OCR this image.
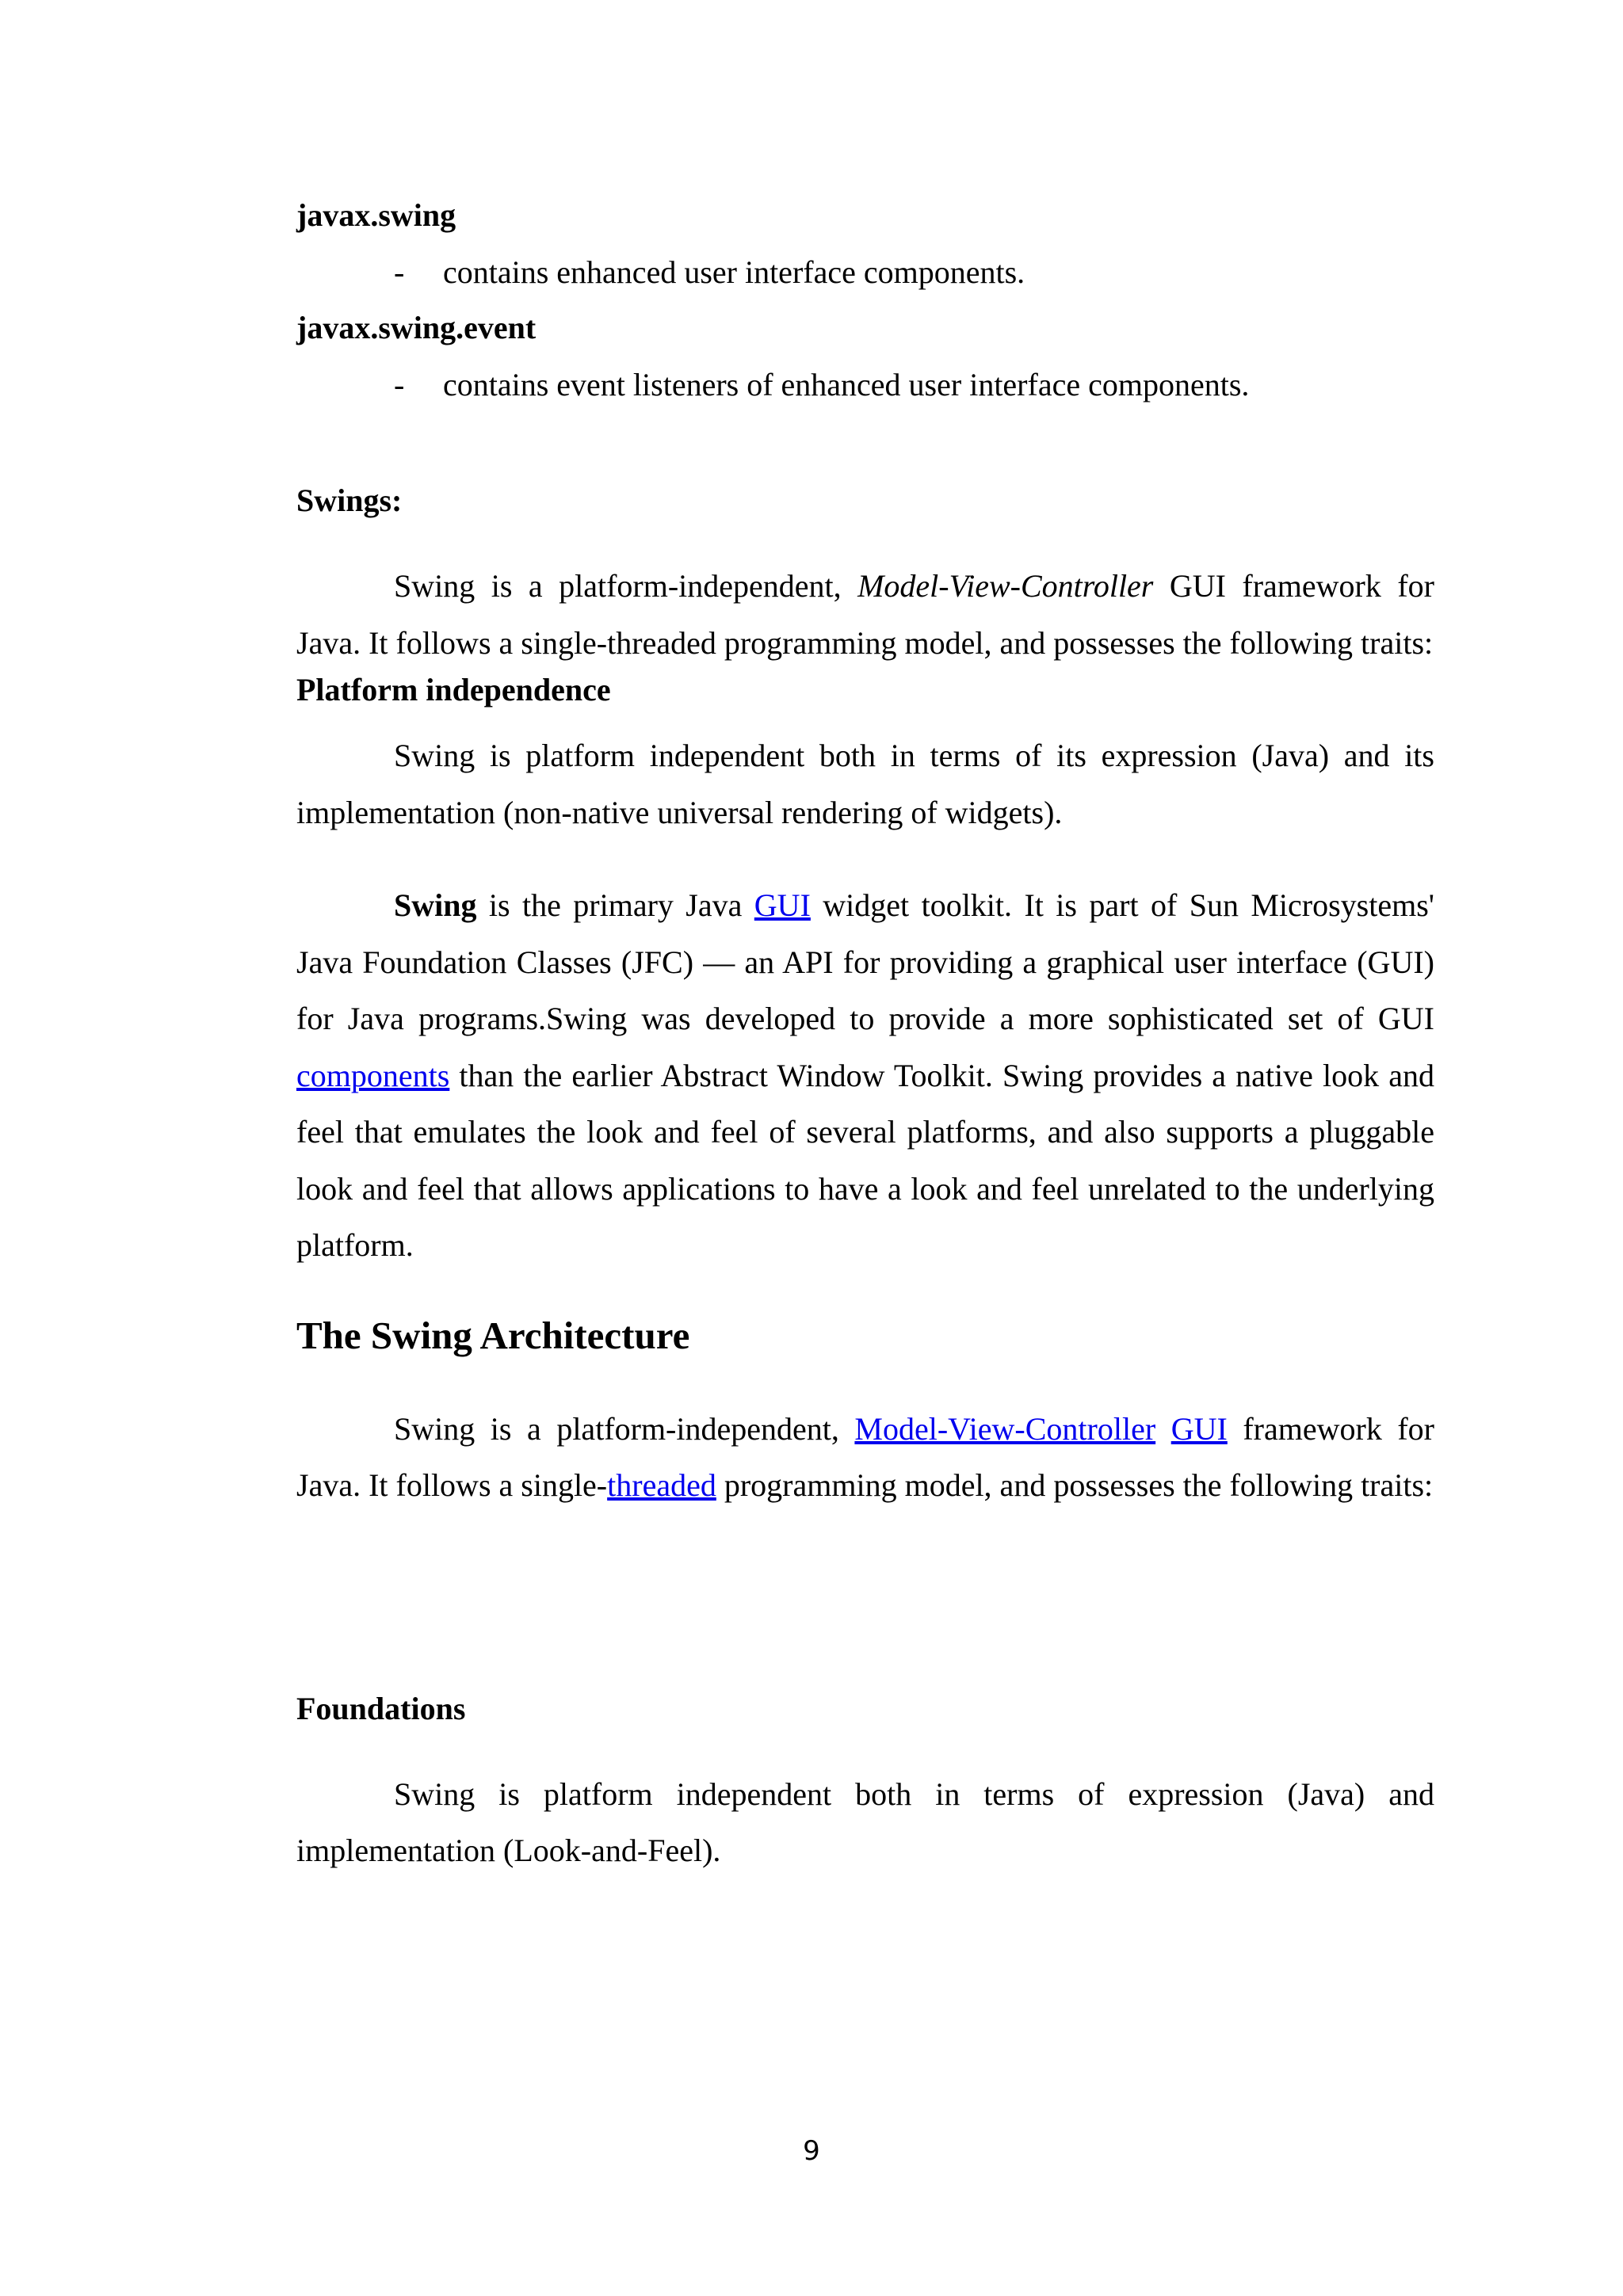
javax.swing

- contains enhanced user interface components.

javax.swing.event

- contains event listeners of enhanced user interface components.

Swings:

Swing is a platform-independent, Model-View-Controller GUI framework for Java. It follows a single-threaded programming model, and possesses the following traits:

Platform independence

Swing is platform independent both in terms of its expression (Java) and its implementation (non-native universal rendering of widgets).

Swing is the primary Java GUI widget toolkit. It is part of Sun Microsystems' Java Foundation Classes (JFC) — an API for providing a graphical user interface (GUI) for Java programs.Swing was developed to provide a more sophisticated set of GUI components than the earlier Abstract Window Toolkit. Swing provides a native look and feel that emulates the look and feel of several platforms, and also supports a pluggable look and feel that allows applications to have a look and feel unrelated to the underlying platform.

The Swing Architecture

Swing is a platform-independent, Model-View-Controller GUI framework for Java. It follows a single-threaded programming model, and possesses the following traits:

Foundations

Swing is platform independent both in terms of expression (Java) and implementation (Look-and-Feel).

9
